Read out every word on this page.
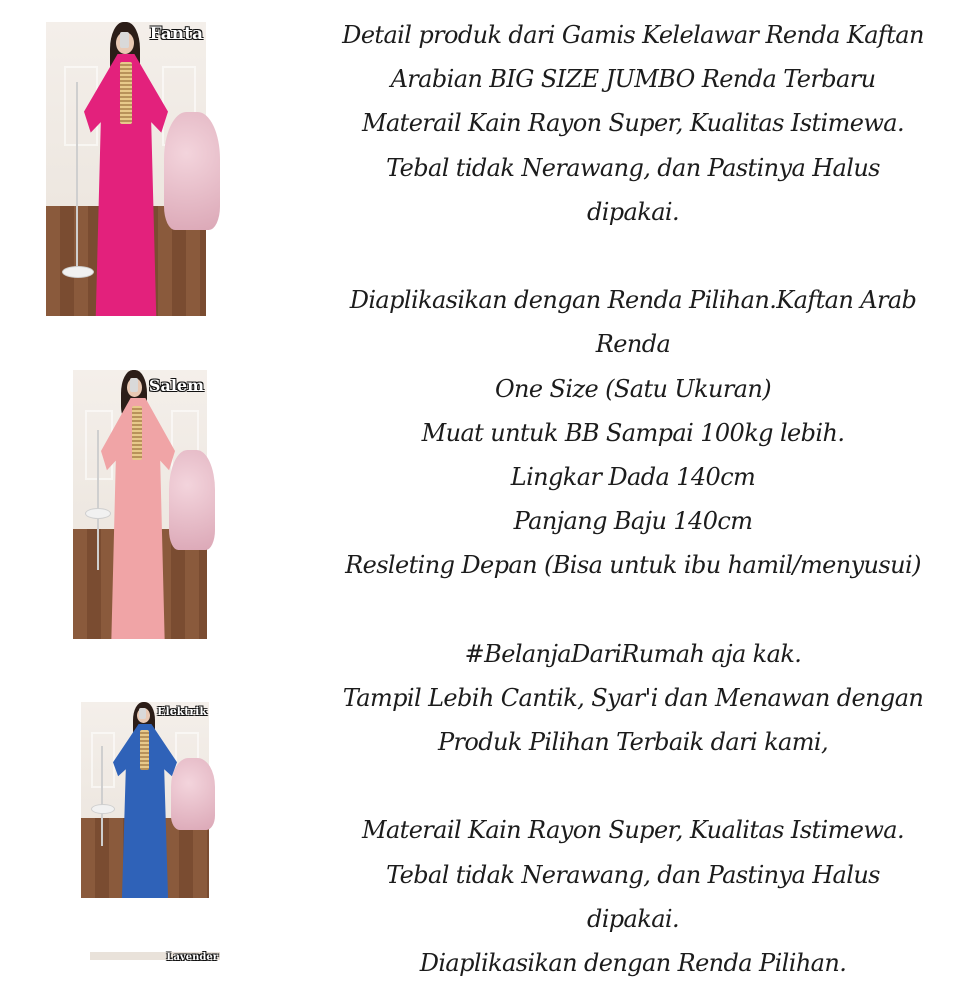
Fanta
Salem
Elektrik
Lavender
Detail produk dari Gamis Kelelawar Renda Kaftan
Arabian BIG SIZE JUMBO Renda Terbaru
Materail Kain Rayon Super, Kualitas Istimewa.
Tebal tidak Nerawang, dan Pastinya Halus
dipakai.
Diaplikasikan dengan Renda Pilihan.Kaftan Arab
Renda
One Size (Satu Ukuran)
Muat untuk BB Sampai 100kg lebih.
Lingkar Dada 140cm
Panjang Baju 140cm
Resleting Depan (Bisa untuk ibu hamil/menyusui)
#BelanjaDariRumah aja kak.
Tampil Lebih Cantik, Syar'i dan Menawan dengan
Produk Pilihan Terbaik dari kami,
Materail Kain Rayon Super, Kualitas Istimewa.
Tebal tidak Nerawang, dan Pastinya Halus
dipakai.
Diaplikasikan dengan Renda Pilihan.
